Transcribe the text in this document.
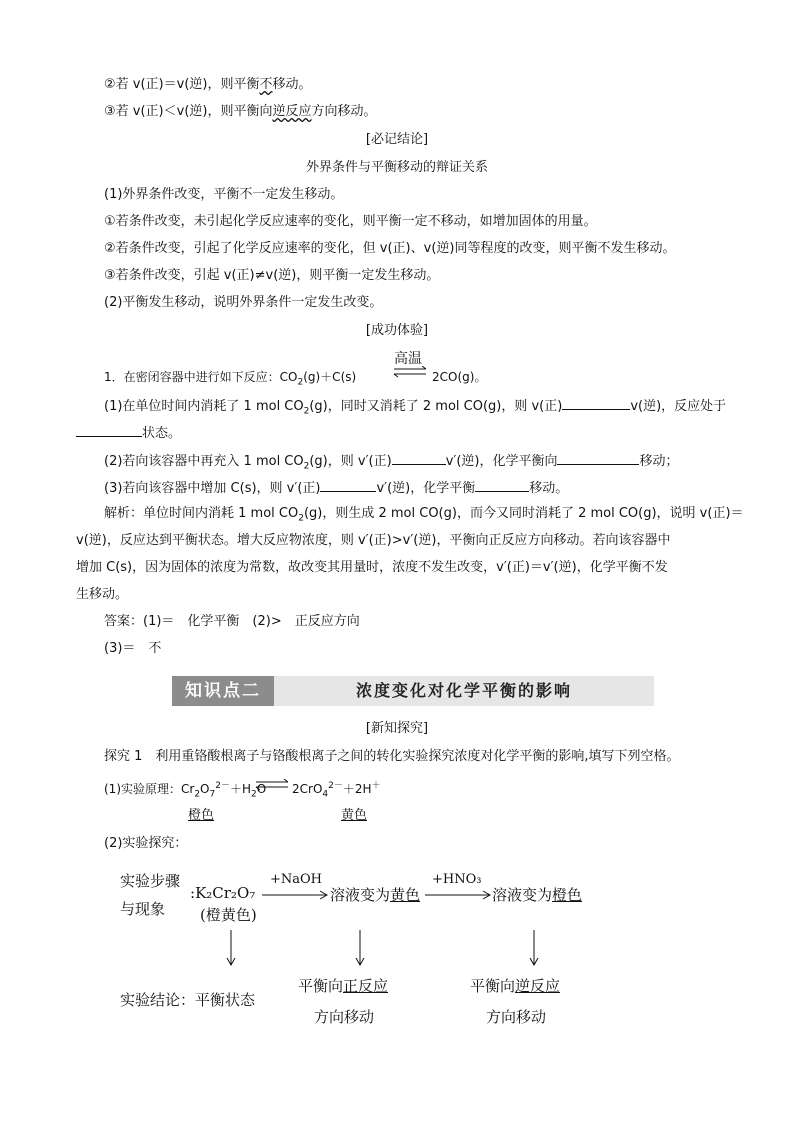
②若 v(正)＝v(逆)，则平衡不移动。
③若 v(正)＜v(逆)，则平衡向逆反应方向移动。
[必记结论]
外界条件与平衡移动的辩证关系
(1)外界条件改变，平衡不一定发生移动。
①若条件改变，未引起化学反应速率的变化，则平衡一定不移动，如增加固体的用量。
②若条件改变，引起了化学反应速率的变化，但 v(正)、v(逆)同等程度的改变，则平衡不发生移动。
③若条件改变，引起 v(正)≠v(逆)，则平衡一定发生移动。
(2)平衡发生移动，说明外界条件一定发生改变。
[成功体验]
1．在密闭容器中进行如下反应：$CO_2(g)+C(s)$
高温
⇌ 2CO(g)。
(1)在单位时间内消耗了 1 mol $CO_2(g)$，同时又消耗了 2 mol CO(g)，则 v(正)	v(逆)，反应处于
状态。
(2)若向该容器中再充入 1 mol $CO_2(g)$，则 v′(正)	v′(逆)，化学平衡向	移动；
(3)若向该容器中增加 C(s)，则 v′(正)	v′(逆)，化学平衡	移动。
解析：单位时间内消耗 1 mol $CO_2(g)$，则生成 2 mol CO(g)，而今又同时消耗了 2 mol CO(g)，说明 v(正)＝
v(逆)，反应达到平衡状态。增大反应物浓度，则 v′(正)>v′(逆)，平衡向正反应方向移动。若向该容器中
增加 C(s)，因为固体的浓度为常数，故改变其用量时，浓度不发生改变，v′(正)＝v′(逆)，化学平衡不发
生移动。
答案：(1)＝　化学平衡　(2)>　正反应方向
(3)＝　不
知识点二	浓度变化对化学平衡的影响
[新知探究]
探究 1　利用重铬酸根离子与铬酸根离子之间的转化实验探究浓度对化学平衡的影响,填写下列空格。
(1)实验原理：$Cr_2O_7^{2-}+H_2O$ ⇌ 2CrO$_4^{2-}$＋2H＋
橙色	黄色
(2)实验探究：
实验步骤
与现象
:K₂Cr₂O₇
(橙黄色)
+NaOH
溶液变为黄色
+HNO₃
溶液变为橙色
实验结论：平衡状态
平衡向正反应
方向移动
平衡向逆反应
方向移动
